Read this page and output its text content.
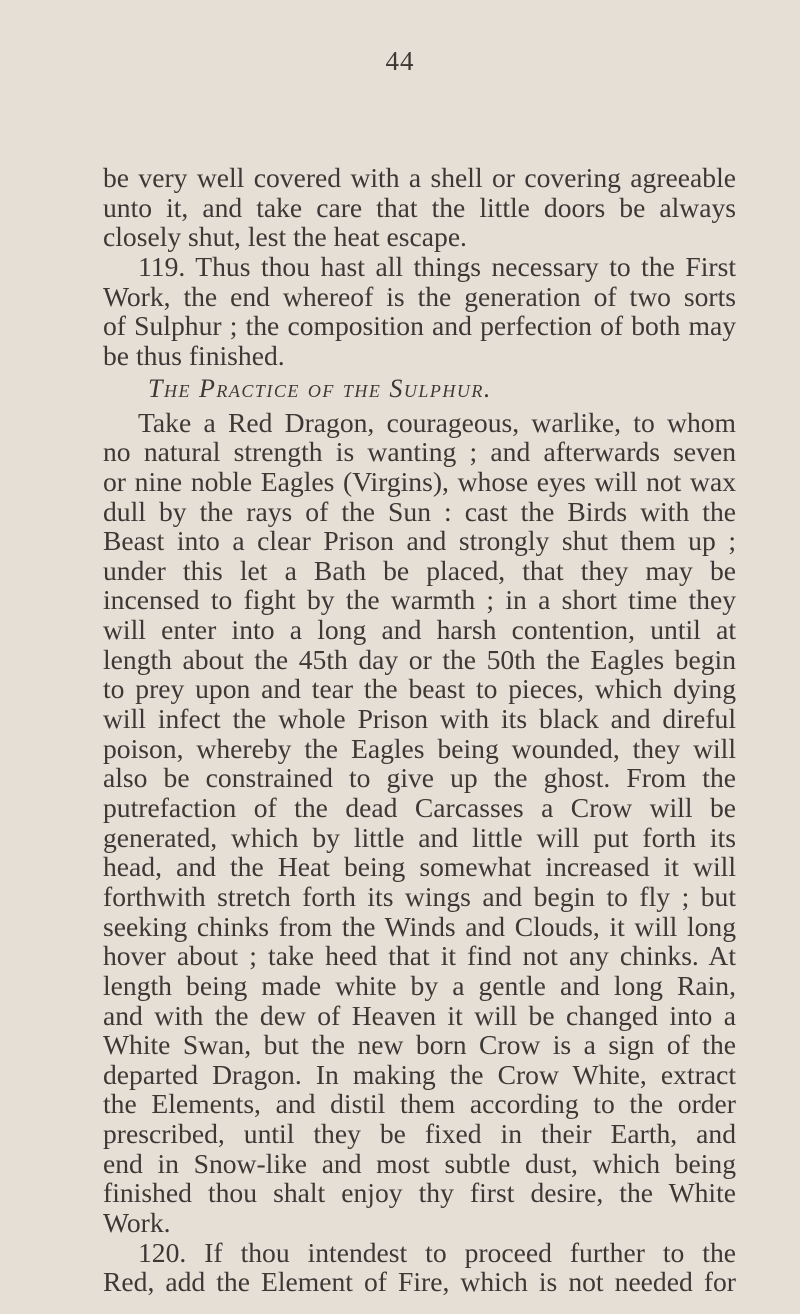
44
be very well covered with a shell or covering agreeable
unto it, and take care that the little doors be always
closely shut, lest the heat escape.
119. Thus thou hast all things necessary to the First
Work, the end whereof is the generation of two sorts
of Sulphur ; the composition and perfection of both may
be thus finished.
The Practice of the Sulphur.
Take a Red Dragon, courageous, warlike, to whom
no natural strength is wanting ; and afterwards seven
or nine noble Eagles (Virgins), whose eyes will not wax
dull by the rays of the Sun : cast the Birds with the
Beast into a clear Prison and strongly shut them up ;
under this let a Bath be placed, that they may be
incensed to fight by the warmth ; in a short time they
will enter into a long and harsh contention, until at
length about the 45th day or the 50th the Eagles begin
to prey upon and tear the beast to pieces, which dying
will infect the whole Prison with its black and direful
poison, whereby the Eagles being wounded, they will
also be constrained to give up the ghost. From the
putrefaction of the dead Carcasses a Crow will be
generated, which by little and little will put forth its
head, and the Heat being somewhat increased it will
forthwith stretch forth its wings and begin to fly ; but
seeking chinks from the Winds and Clouds, it will long
hover about ; take heed that it find not any chinks. At
length being made white by a gentle and long Rain,
and with the dew of Heaven it will be changed into a
White Swan, but the new born Crow is a sign of the
departed Dragon. In making the Crow White, extract
the Elements, and distil them according to the order
prescribed, until they be fixed in their Earth, and
end in Snow-like and most subtle dust, which being
finished thou shalt enjoy thy first desire, the White
Work.
120. If thou intendest to proceed further to the
Red, add the Element of Fire, which is not needed for
